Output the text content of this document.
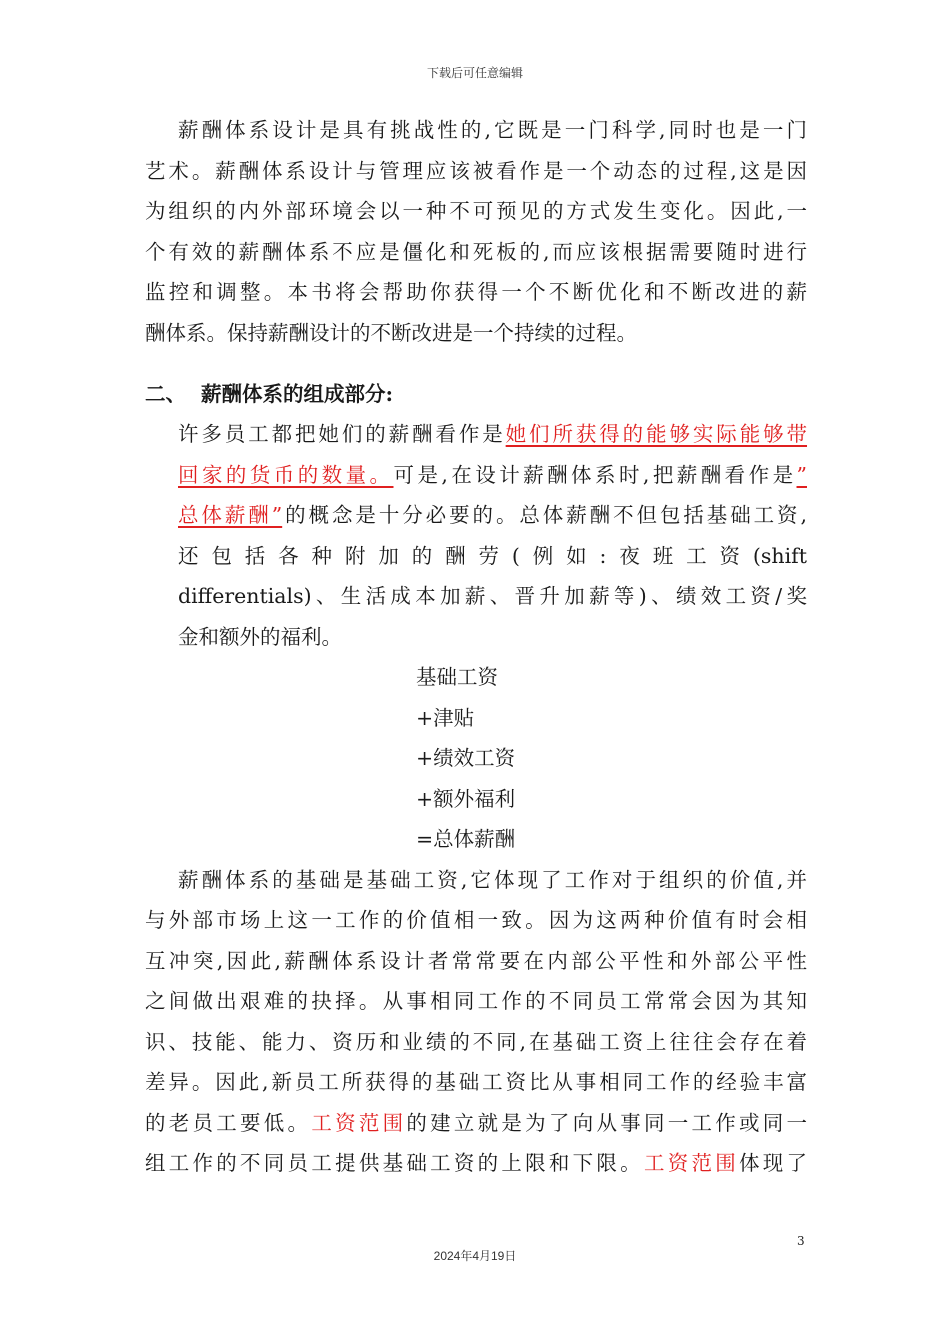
下载后可任意编辑
薪酬体系设计是具有挑战性的,它既是一门科学,同时也是一门
艺术。薪酬体系设计与管理应该被看作是一个动态的过程,这是因
为组织的内外部环境会以一种不可预见的方式发生变化。因此,一
个有效的薪酬体系不应是僵化和死板的,而应该根据需要随时进行
监控和调整。本书将会帮助你获得一个不断优化和不断改进的薪
酬体系。保持薪酬设计的不断改进是一个持续的过程。
二、 薪酬体系的组成部分:
许多员工都把她们的薪酬看作是她们所获得的能够实际能够带
回家的货币的数量。可是,在设计薪酬体系时,把薪酬看作是”
总体薪酬”的概念是十分必要的。总体薪酬不但包括基础工资,
还包括各种附加的酬劳(例如:夜班工资(shift
differentials)、生活成本加薪、晋升加薪等)、绩效工资/奖
金和额外的福利。
基础工资
+津贴
+绩效工资
+额外福利
=总体薪酬
薪酬体系的基础是基础工资,它体现了工作对于组织的价值,并
与外部市场上这一工作的价值相一致。因为这两种价值有时会相
互冲突,因此,薪酬体系设计者常常要在内部公平性和外部公平性
之间做出艰难的抉择。从事相同工作的不同员工常常会因为其知
识、技能、能力、资历和业绩的不同,在基础工资上往往会存在着
差异。因此,新员工所获得的基础工资比从事相同工作的经验丰富
的老员工要低。工资范围的建立就是为了向从事同一工作或同一
组工作的不同员工提供基础工资的上限和下限。工资范围体现了
3
2024年4月19日
